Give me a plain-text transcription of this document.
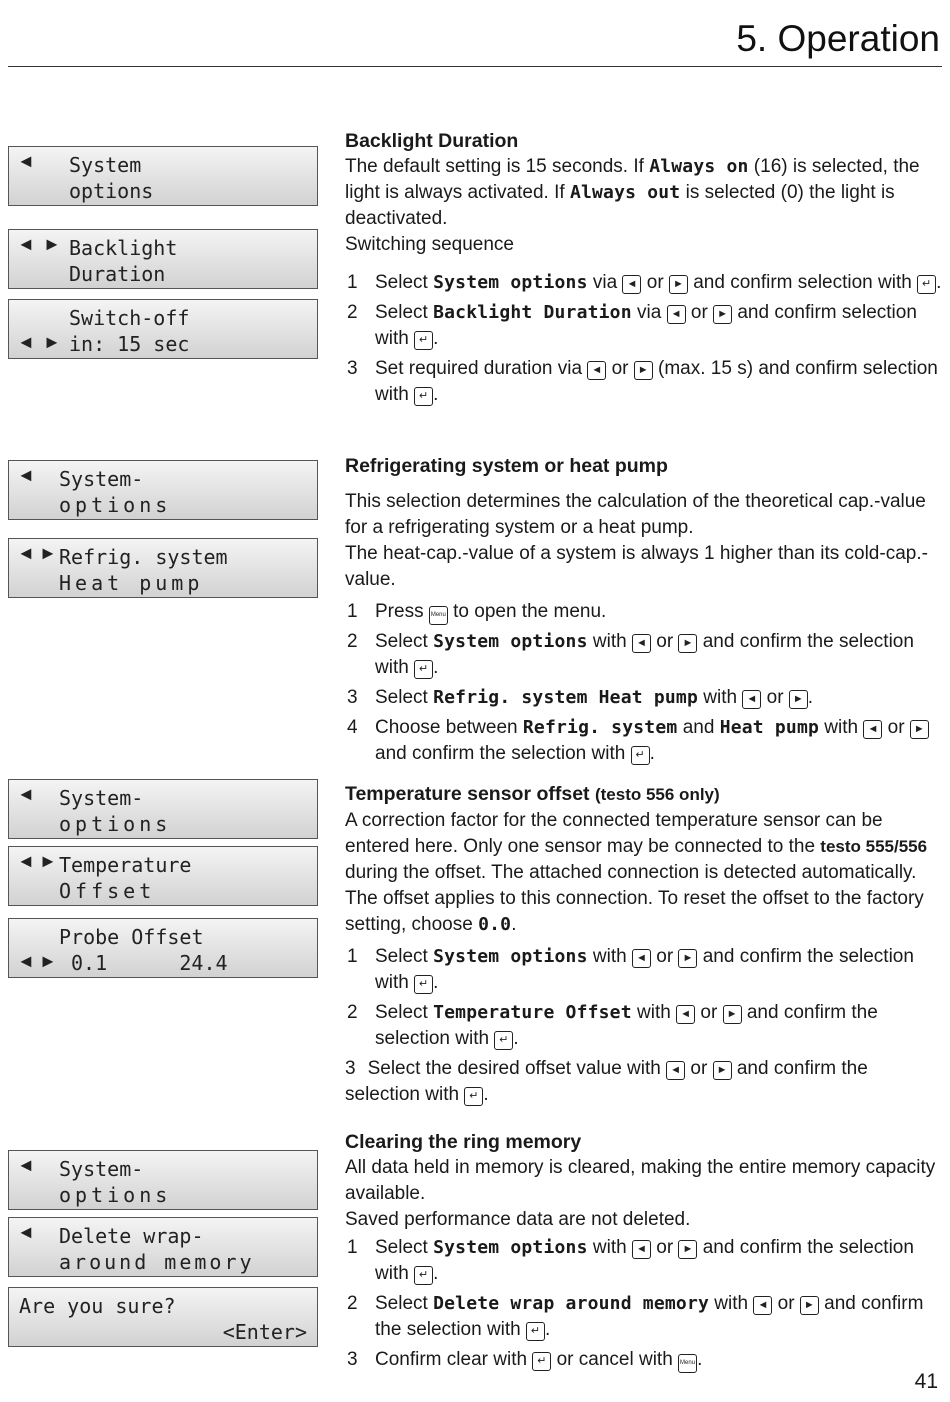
5. Operation
◄ System
options
◄ ► Backlight
Duration
◄ ►
Switch-off
in: 15 sec
◄ System-
options
◄ ► Refrig. system
Heat pump
◄ System-
options
◄ ► Temperature
Offset
◄ ►
Probe Offset
0.1      24.4
◄ System-
options
◄ Delete wrap-
around memory
Are you sure?
<Enter>
Backlight Duration

The default setting is 15 seconds. If Always on (16) is selected, the light is always activated. If Always out is selected (0) the light is deactivated.

Switching sequence

1 Select System options via ◄ or ► and confirm selection with ↵ .
2 Select Backlight Duration via ◄ or ► and confirm selection with ↵ .
3 Set required duration via ◄ or ► (max. 15 s) and confirm selection with ↵ .
Refrigerating system or heat pump

This selection determines the calculation of the theoretical cap.-value for a refrigerating system or a heat pump.

The heat-cap.-value of a system is always 1 higher than its cold-cap.-value.

1 Press Menu to open the menu.
2 Select System options with ◄ or ► and confirm the selection with ↵ .
3 Select Refrig. system Heat pump with ◄ or ► .
4 Choose between Refrig. system and Heat pump with ◄ or ► and confirm the selection with ↵ .
Temperature sensor offset (testo 556 only)

A correction factor for the connected temperature sensor can be entered here. Only one sensor may be connected to the testo 555/556 during the offset. The attached connection is detected automatically. The offset applies to this connection. To reset the offset to the factory setting, choose 0.0.

1 Select System options with ◄ or ► and confirm the selection with ↵ .
2 Select Temperature Offset with ◄ or ► and confirm the selection with ↵ .
3 Select the desired offset value with ◄ or ► and confirm the selection with ↵ .
Clearing the ring memory

All data held in memory is cleared, making the entire memory capacity available.

Saved performance data are not deleted.

1 Select System options with ◄ or ► and confirm the selection with ↵ .
2 Select Delete wrap around memory with ◄ or ► and confirm the selection with ↵ .
3 Confirm clear with ↵ or cancel with Menu .
41
